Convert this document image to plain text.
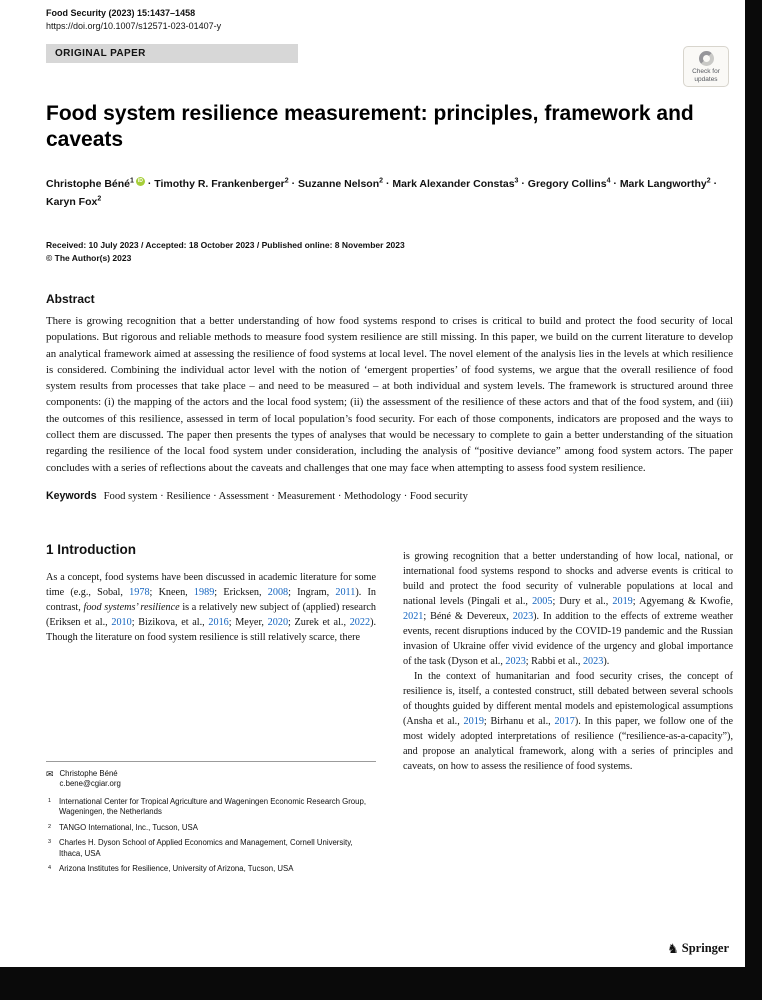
Food Security (2023) 15:1437–1458
https://doi.org/10.1007/s12571-023-01407-y
ORIGINAL PAPER
Check for updates
Food system resilience measurement: principles, framework and caveats
Christophe Béné$^1$ iD · Timothy R. Frankenberger$^2$ · Suzanne Nelson$^2$ · Mark Alexander Constas$^3$ · Gregory Collins$^4$ · Mark Langworthy$^2$ · Karyn Fox$^2$
Received: 10 July 2023 / Accepted: 18 October 2023 / Published online: 8 November 2023
© The Author(s) 2023
Abstract
There is growing recognition that a better understanding of how food systems respond to crises is critical to build and protect the food security of local populations. But rigorous and reliable methods to measure food system resilience are still missing. In this paper, we build on the current literature to develop an analytical framework aimed at assessing the resilience of food systems at local level. The novel element of the analysis lies in the levels at which resilience is considered. Combining the individual actor level with the notion of ‘emergent properties’ of food systems, we argue that the overall resilience of food system results from processes that take place – and need to be measured – at both individual and system levels. The framework is structured around three components: (i) the mapping of the actors and the local food system; (ii) the assessment of the resilience of these actors and that of the food system, and (iii) the outcomes of this resilience, assessed in term of local population’s food security. For each of those components, indicators are proposed and the ways to collect them are discussed. The paper then presents the types of analyses that would be necessary to complete to gain a better understanding of the situation regarding the resilience of the local food system under consideration, including the analysis of “positive deviance” among food system actors. The paper concludes with a series of reflections about the caveats and challenges that one may face when attempting to assess food system resilience.
Keywords Food system · Resilience · Assessment · Measurement · Methodology · Food security
1 Introduction
As a concept, food systems have been discussed in academic literature for some time (e.g., Sobal, 1978; Kneen, 1989; Ericksen, 2008; Ingram, 2011). In contrast, food systems’ resilience is a relatively new subject of (applied) research (Eriksen et al., 2010; Bizikova, et al., 2016; Meyer, 2020; Zurek et al., 2022). Though the literature on food system resilience is still relatively scarce, there
✉ Christophe Béné
c.bene@cgiar.org
1	International Center for Tropical Agriculture and Wageningen Economic Research Group, Wageningen, the Netherlands
2	TANGO International, Inc., Tucson, USA
3	Charles H. Dyson School of Applied Economics and Management, Cornell University, Ithaca, USA
4	Arizona Institutes for Resilience, University of Arizona, Tucson, USA
is growing recognition that a better understanding of how local, national, or international food systems respond to shocks and adverse events is critical to build and protect the food security of vulnerable populations at local and national levels (Pingali et al., 2005; Dury et al., 2019; Agyemang & Kwofie, 2021; Béné & Devereux, 2023). In addition to the effects of extreme weather events, recent disruptions induced by the COVID-19 pandemic and the Russian invasion of Ukraine offer vivid evidence of the urgency and global importance of the task (Dyson et al., 2023; Rabbi et al., 2023).
In the context of humanitarian and food security crises, the concept of resilience is, itself, a contested construct, still debated between several schools of thoughts guided by different mental models and epistemological assumptions (Ansha et al., 2019; Birhanu et al., 2017). In this paper, we follow one of the most widely adopted interpretations of resilience (“resilience-as-a-capacity”), and propose an analytical framework, along with a series of principles and caveats, on how to assess the resilience of food systems.
♞ Springer
